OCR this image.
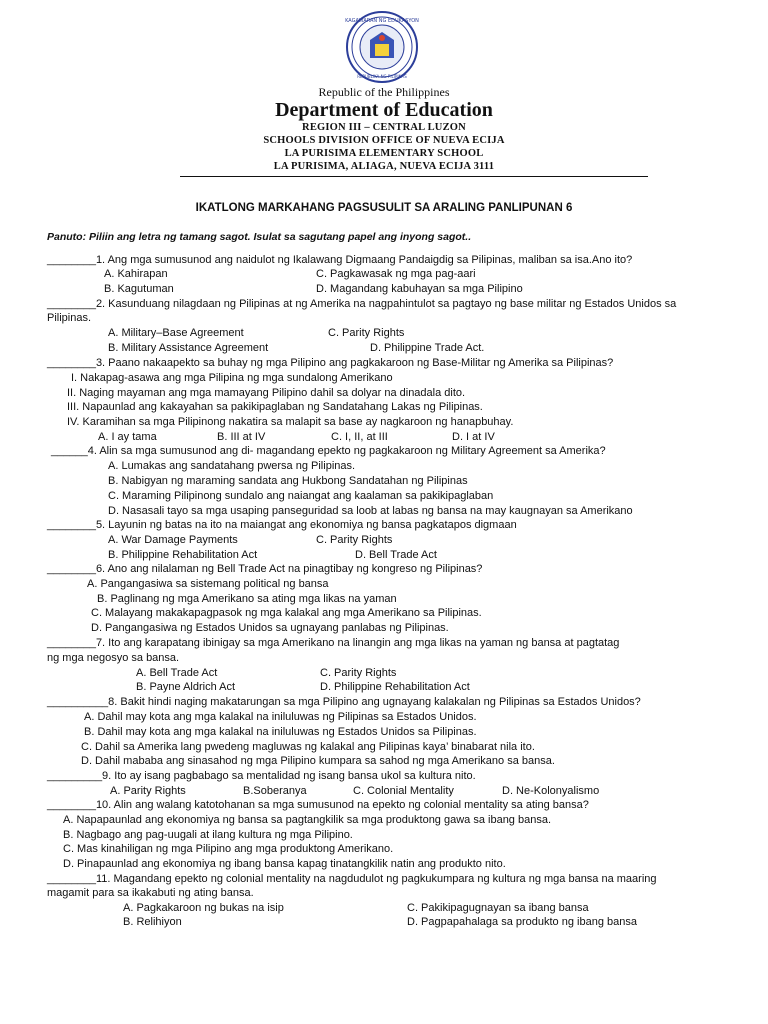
KAGAWARAN NG EDUKASYON
REPUBLIKA NG PILIPINAS
Republic of the Philippines
Department of Education
REGION III – CENTRAL LUZON
SCHOOLS DIVISION OFFICE OF NUEVA ECIJA
LA PURISIMA ELEMENTARY SCHOOL
LA PURISIMA, ALIAGA, NUEVA ECIJA 3111
IKATLONG MARKAHANG PAGSUSULIT SA ARALING PANLIPUNAN 6
Panuto: Piliin ang letra ng tamang sagot. Isulat sa sagutang papel ang inyong sagot..
________1. Ang mga sumusunod ang naidulot ng Ikalawang Digmaang Pandaigdig sa Pilipinas, maliban sa isa.Ano ito?
A. Kahirapan	C. Pagkawasak ng mga pag-aari
B. Kagutuman	D. Magandang kabuhayan sa mga Pilipino
________2. Kasunduang nilagdaan ng Pilipinas at ng Amerika na nagpahintulot sa pagtayo ng base militar ng Estados Unidos sa
Pilipinas.
A. Military–Base Agreement	C. Parity Rights
B. Military Assistance Agreement	D. Philippine Trade Act.
________3. Paano nakaapekto sa buhay ng mga Pilipino ang pagkakaroon ng Base-Militar ng Amerika sa Pilipinas?
I. Nakapag-asawa ang mga Pilipina ng mga sundalong Amerikano
II. Naging mayaman ang mga mamayang Pilipino dahil sa dolyar na dinadala dito.
III. Napaunlad ang kakayahan sa pakikipaglaban ng Sandatahang Lakas ng Pilipinas.
IV. Karamihan sa mga Pilipinong nakatira sa malapit sa base ay nagkaroon ng hanapbuhay.
A. I ay tama	B. III at IV	C. I, II, at III	D. I at IV
______4. Alin sa mga sumusunod ang di- magandang epekto ng pagkakaroon ng Military Agreement sa Amerika?
A. Lumakas ang sandatahang pwersa ng Pilipinas.
B. Nabigyan ng maraming sandata ang Hukbong Sandatahan ng Pilipinas
C. Maraming Pilipinong sundalo ang naiangat ang kaalaman sa pakikipaglaban
D. Nasasali tayo sa mga usaping panseguridad sa loob at labas ng bansa na may kaugnayan sa Amerikano
________5. Layunin ng batas na ito na maiangat ang ekonomiya ng bansa pagkatapos digmaan
A. War Damage Payments	C. Parity Rights
B. Philippine Rehabilitation Act	D. Bell Trade Act
________6. Ano ang nilalaman ng Bell Trade Act na pinagtibay ng kongreso ng Pilipinas?
A. Pangangasiwa sa sistemang political ng bansa
B. Paglinang ng mga Amerikano sa ating mga likas na yaman
C. Malayang makakapagpasok ng mga kalakal ang mga Amerikano sa Pilipinas.
D. Pangangasiwa ng Estados Unidos sa ugnayang panlabas ng Pilipinas.
________7. Ito ang karapatang ibinigay sa mga Amerikano na linangin ang mga likas na yaman ng bansa at pagtatag
ng mga negosyo sa bansa.
A. Bell Trade Act	C. Parity Rights
B. Payne Aldrich Act	D. Philippine Rehabilitation Act
__________8. Bakit hindi naging makatarungan sa mga Pilipino ang ugnayang kalakalan ng Pilipinas sa Estados Unidos?
A. Dahil may kota ang mga kalakal na iniluluwas ng Pilipinas sa Estados Unidos.
B. Dahil may kota ang mga kalakal na iniluluwas ng Estados Unidos sa Pilipinas.
C. Dahil sa Amerika lang pwedeng magluwas ng kalakal ang Pilipinas kaya’ binabarat nila ito.
D. Dahil mababa ang sinasahod ng mga Pilipino kumpara sa sahod ng mga Amerikano sa bansa.
_________9. Ito ay isang pagbabago sa mentalidad ng isang bansa ukol sa kultura nito.
A. Parity Rights	B.Soberanya	C. Colonial Mentality	D. Ne-Kolonyalismo
________10. Alin ang walang katotohanan sa mga sumusunod na epekto ng colonial mentality sa ating bansa?
A. Napapaunlad ang ekonomiya ng bansa sa pagtangkilik sa mga produktong gawa sa ibang bansa.
B. Nagbago ang pag-uugali at ilang kultura ng mga Pilipino.
C. Mas kinahiligan ng mga Pilipino ang mga produktong Amerikano.
D. Pinapaunlad ang ekonomiya ng ibang bansa kapag tinatangkilik natin ang produkto nito.
________11. Magandang epekto ng colonial mentality na nagdudulot ng pagkukumpara ng kultura ng mga bansa na maaring
magamit para sa ikakabuti ng ating bansa.
A. Pagkakaroon ng bukas na isip	C. Pakikipagugnayan sa ibang bansa
B. Relihiyon	D. Pagpapahalaga sa produkto ng ibang bansa
